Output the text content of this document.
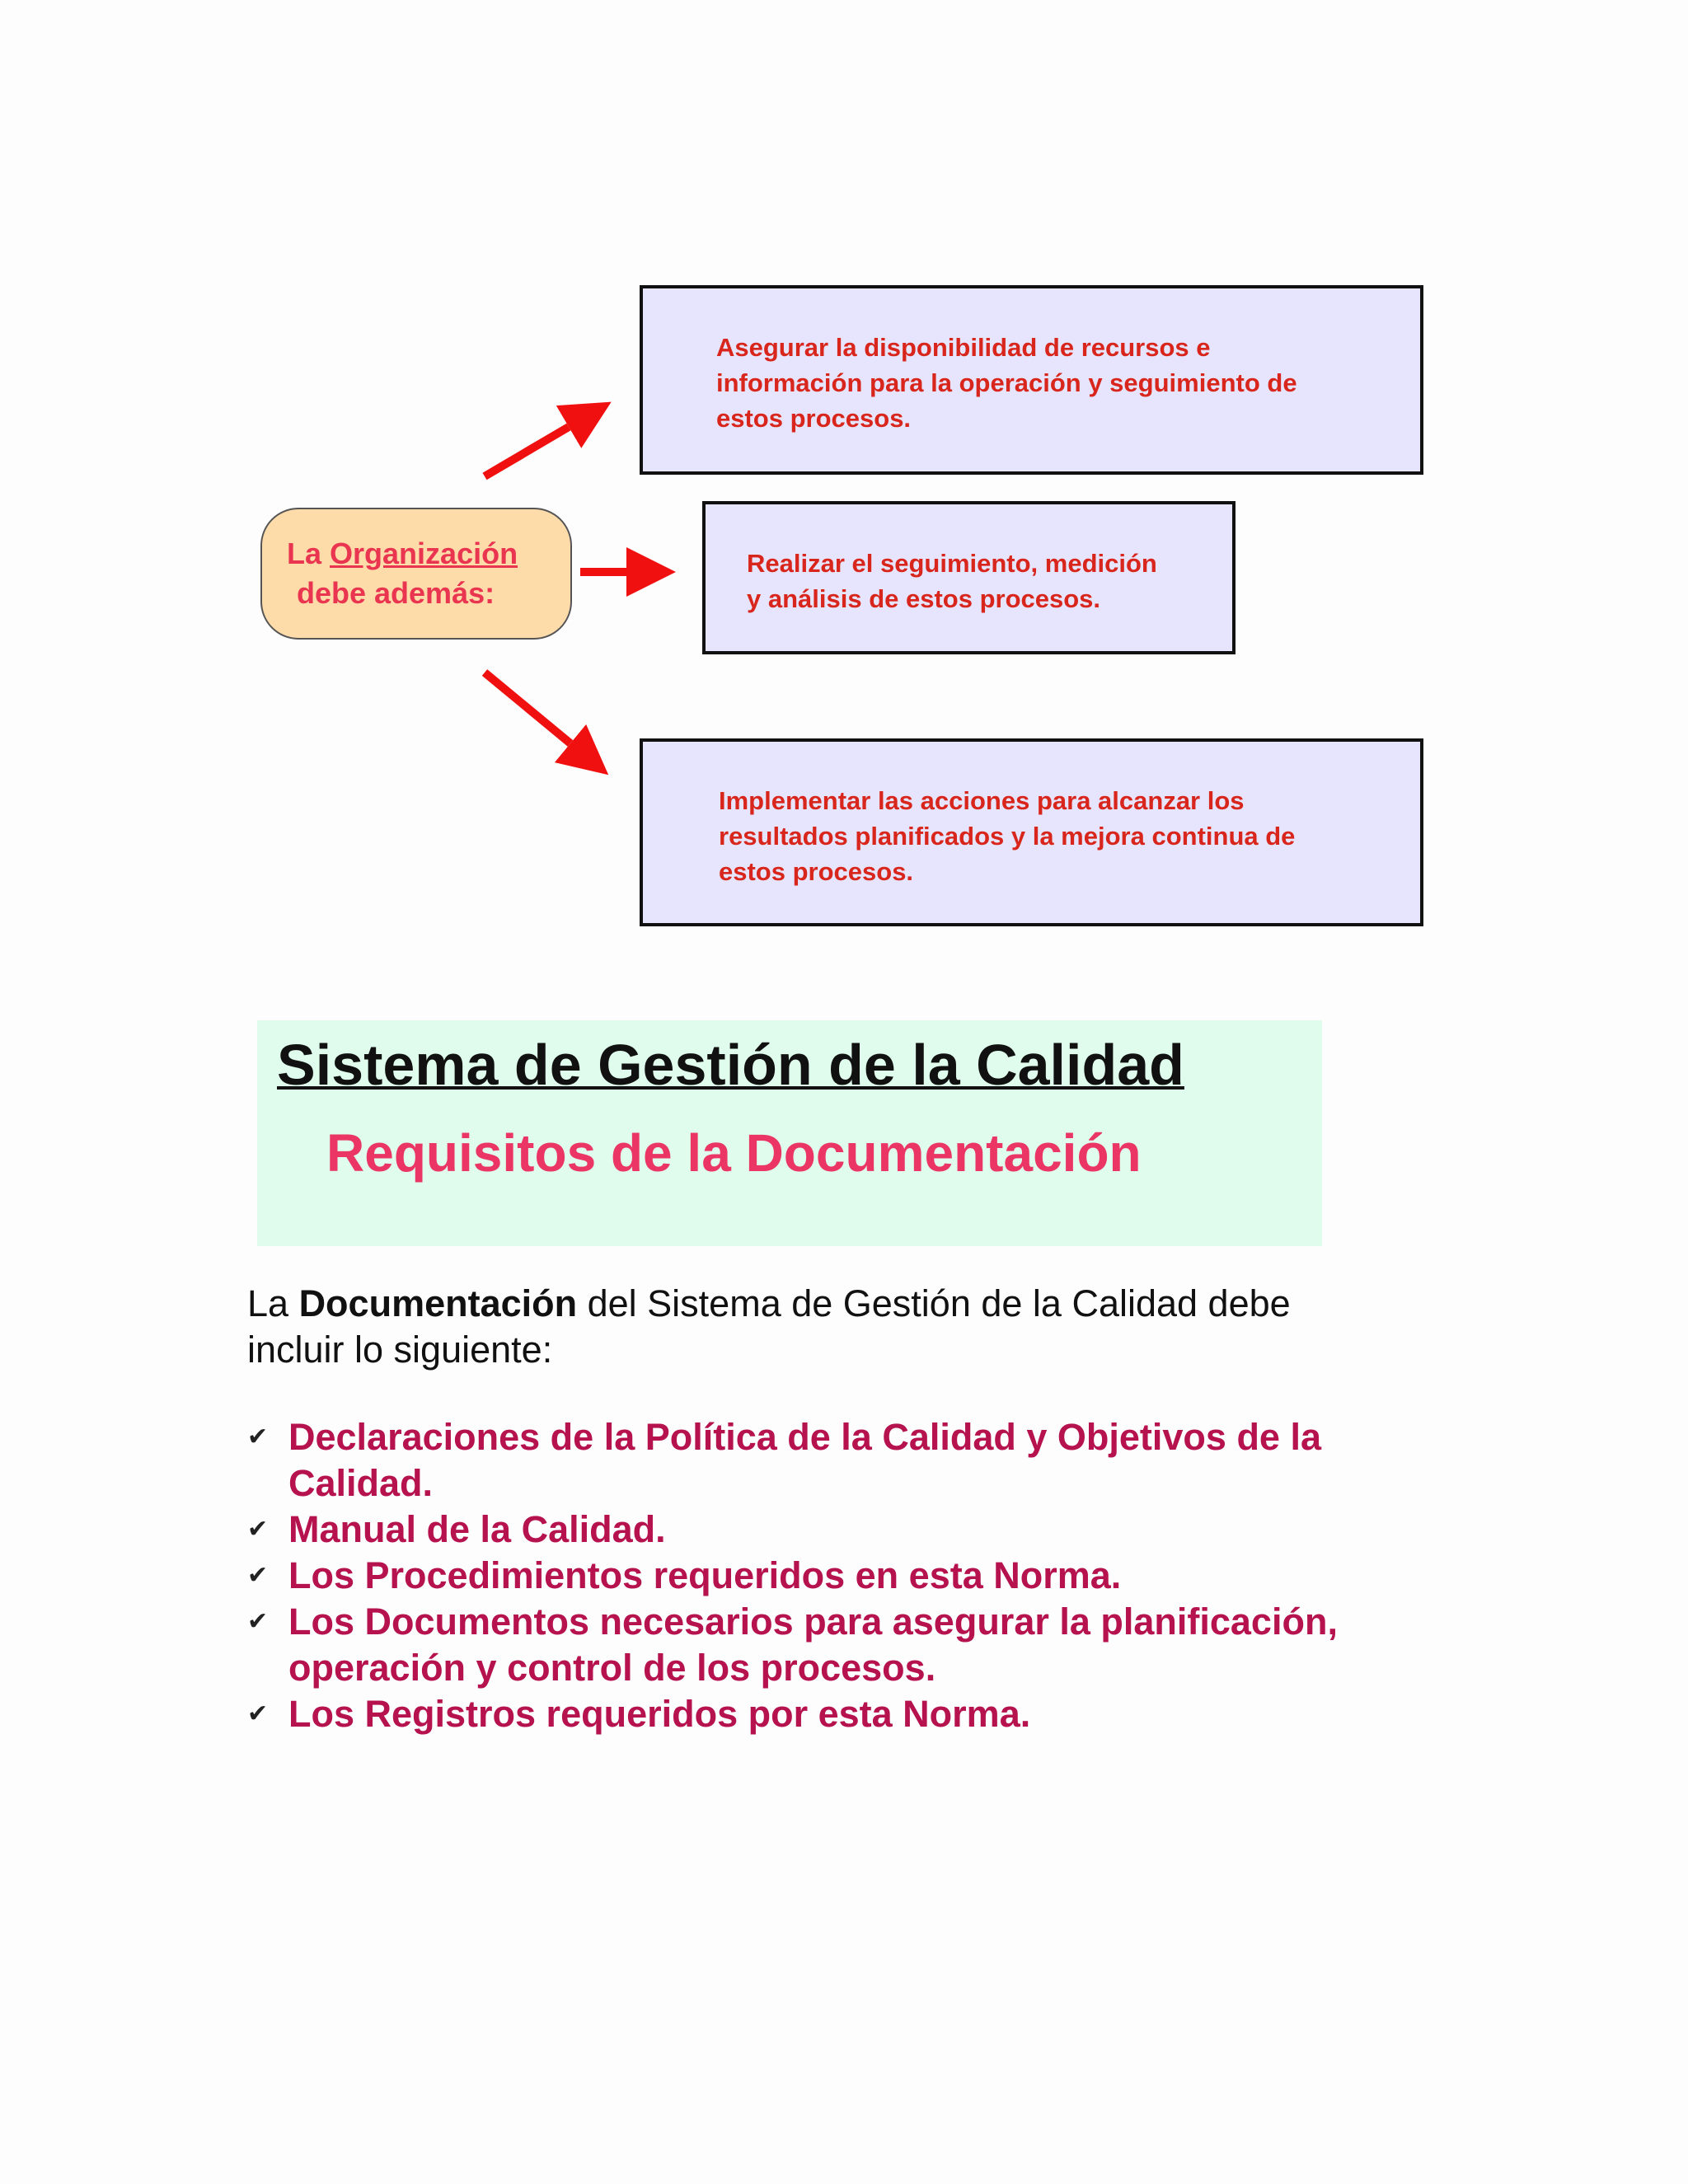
La Organización
debe además:
Asegurar la disponibilidad de recursos e
información para la operación y seguimiento de
estos procesos.
Realizar el seguimiento, medición
y análisis de estos procesos.
Implementar las acciones para alcanzar los
resultados planificados y la mejora continua de
estos procesos.
Sistema de Gestión de la Calidad
Requisitos de la Documentación
La Documentación del Sistema de Gestión de la Calidad debe
incluir lo siguiente:
✔ Declaraciones de la Política de la Calidad y Objetivos de la
Calidad.
✔ Manual de la Calidad.
✔ Los Procedimientos requeridos en esta Norma.
✔ Los Documentos necesarios para asegurar la planificación,
operación y control de los procesos.
✔ Los Registros requeridos por esta Norma.
